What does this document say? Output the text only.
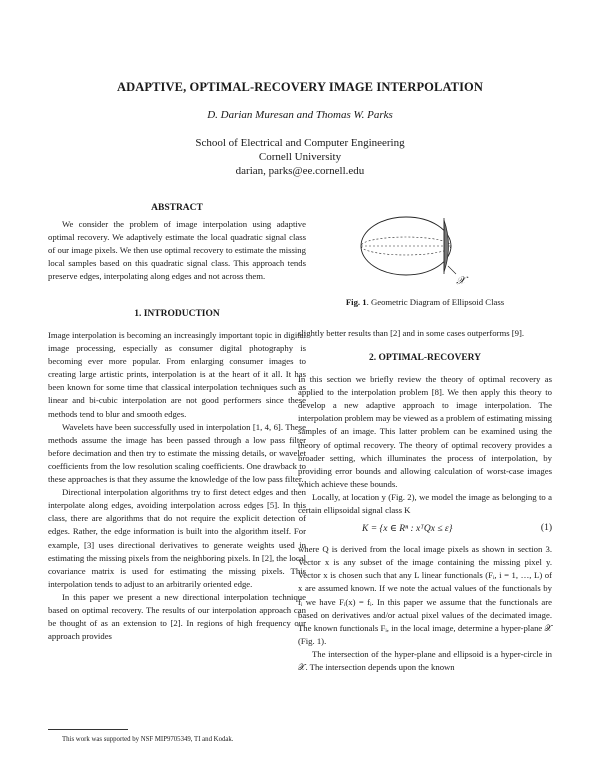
ADAPTIVE, OPTIMAL-RECOVERY IMAGE INTERPOLATION
D. Darian Muresan and Thomas W. Parks
School of Electrical and Computer Engineering
Cornell University
darian, parks@ee.cornell.edu
ABSTRACT

We consider the problem of image interpolation using adaptive optimal recovery. We adaptively estimate the local quadratic signal class of our image pixels. We then use optimal recovery to estimate the missing local samples based on this quadratic signal class. This approach tends preserve edges, interpolating along edges and not across them.

1. INTRODUCTION

Image interpolation is becoming an increasingly important topic in digital image processing, especially as consumer digital photography is becoming ever more popular. From enlarging consumer images to creating large artistic prints, interpolation is at the heart of it all. It has been known for some time that classical interpolation techniques such as linear and bi-cubic interpolation are not good performers since these methods tend to blur and smooth edges.

Wavelets have been successfully used in interpolation [1, 4, 6]. These methods assume the image has been passed through a low pass filter before decimation and then try to estimate the missing details, or wavelet coefficients from the low resolution scaling coefficients. One drawback to these approaches is that they assume the knowledge of the low pass filter.

Directional interpolation algorithms try to first detect edges and then interpolate along edges, avoiding interpolation across edges [5]. In this class, there are algorithms that do not require the explicit detection of edges. Rather, the edge information is built into the algorithm itself. For example, [3] uses directional derivatives to generate weights used in estimating the missing pixels from the neighboring pixels. In [2], the local covariance matrix is used for estimating the missing pixels. This interpolation tends to adjust to an arbitrarily oriented edge.

In this paper we present a new directional interpolation technique based on optimal recovery. The results of our interpolation approach can be thought of as an extension to [2]. In regions of high frequency our approach provides

This work was supported by NSF MIP9705349, TI and Kodak.
𝒳
Fig. 1. Geometric Diagram of Ellipsoid Class

slightly better results than [2] and in some cases outperforms [9].

2. OPTIMAL-RECOVERY

In this section we briefly review the theory of optimal recovery as applied to the interpolation problem [8]. We then apply this theory to develop a new adaptive approach to image interpolation. The interpolation problem may be viewed as a problem of estimating missing samples of an image. This latter problem can be examined using the theory of optimal recovery. The theory of optimal recovery provides a broader setting, which illuminates the process of interpolation, by providing error bounds and allowing calculation of worst-case images which achieve these bounds.

Locally, at location y (Fig. 2), we model the image as belonging to a certain ellipsoidal signal class K

K = {x ∈ Rⁿ : xᵀQx ≤ ε}	(1)

where Q is derived from the local image pixels as shown in section 3. Vector x is any subset of the image containing the missing pixel y. Vector x is chosen such that any L linear functionals (Fᵢ, i = 1, …, L) of x are assumed known. If we note the actual values of the functionals by fᵢ we have Fᵢ(x) = fᵢ. In this paper we assume that the functionals are based on derivatives and/or actual pixel values of the decimated image. The known functionals Fᵢ, in the local image, determine a hyper-plane 𝒳 (Fig. 1).

The intersection of the hyper-plane and ellipsoid is a hyper-circle in 𝒳. The intersection depends upon the known
